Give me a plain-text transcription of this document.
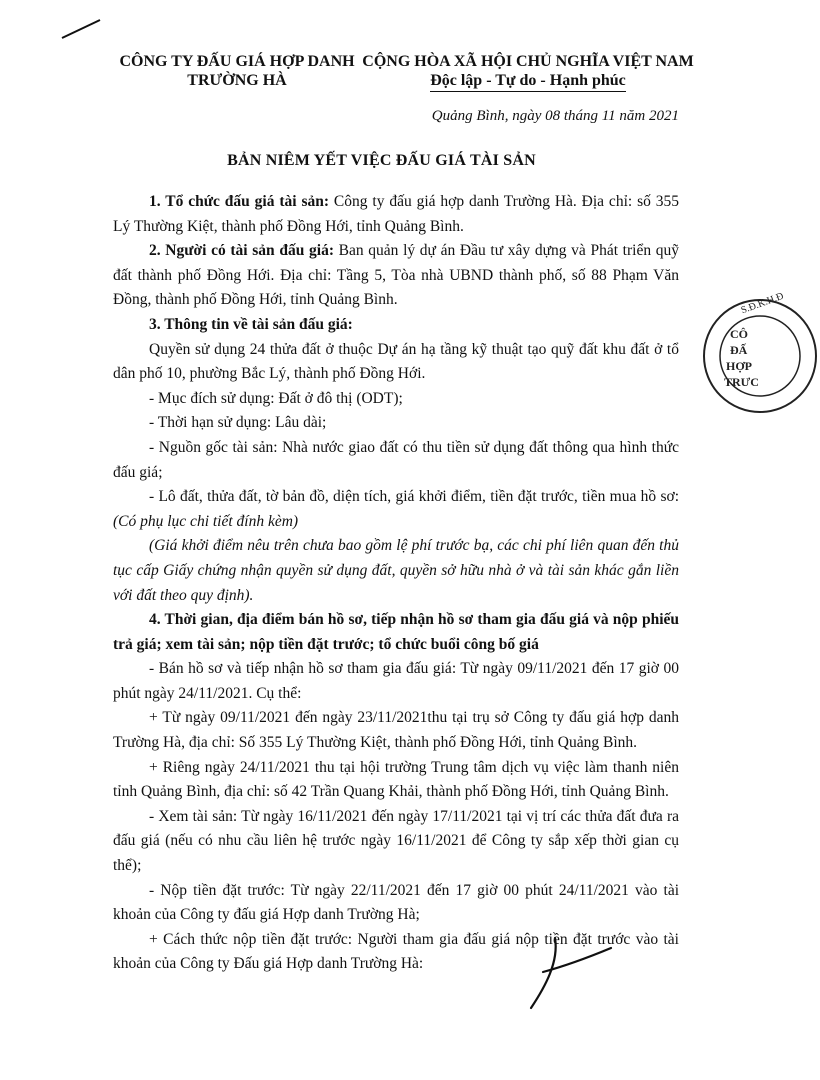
CÔNG TY ĐẤU GIÁ HỢP DANH
TRƯỜNG HÀ
CỘNG HÒA XÃ HỘI CHỦ NGHĨA VIỆT NAM
Độc lập - Tự do - Hạnh phúc
Quảng Bình, ngày 08 tháng 11 năm 2021
BẢN NIÊM YẾT VIỆC ĐẤU GIÁ TÀI SẢN

1. Tổ chức đấu giá tài sản: Công ty đấu giá hợp danh Trường Hà. Địa chỉ: số 355 Lý Thường Kiệt, thành phố Đồng Hới, tỉnh Quảng Bình.

2. Người có tài sản đấu giá: Ban quản lý dự án Đầu tư xây dựng và Phát triển quỹ đất thành phố Đồng Hới. Địa chỉ: Tầng 5, Tòa nhà UBND thành phố, số 88 Phạm Văn Đồng, thành phố Đồng Hới, tỉnh Quảng Bình.

3. Thông tin về tài sản đấu giá:

Quyền sử dụng 24 thửa đất ở thuộc Dự án hạ tầng kỹ thuật tạo quỹ đất khu đất ở tổ dân phố 10, phường Bắc Lý, thành phố Đồng Hới.

- Mục đích sử dụng: Đất ở đô thị (ODT);

- Thời hạn sử dụng: Lâu dài;

- Nguồn gốc tài sản: Nhà nước giao đất có thu tiền sử dụng đất thông qua hình thức đấu giá;

- Lô đất, thửa đất, tờ bản đồ, diện tích, giá khởi điểm, tiền đặt trước, tiền mua hồ sơ: (Có phụ lục chi tiết đính kèm)

(Giá khởi điểm nêu trên chưa bao gồm lệ phí trước bạ, các chi phí liên quan đến thủ tục cấp Giấy chứng nhận quyền sử dụng đất, quyền sở hữu nhà ở và tài sản khác gắn liền với đất theo quy định).

4. Thời gian, địa điểm bán hồ sơ, tiếp nhận hồ sơ tham gia đấu giá và nộp phiếu trả giá; xem tài sản; nộp tiền đặt trước; tổ chức buổi công bố giá

- Bán hồ sơ và tiếp nhận hồ sơ tham gia đấu giá: Từ ngày 09/11/2021 đến 17 giờ 00 phút ngày 24/11/2021. Cụ thể:

+ Từ ngày 09/11/2021 đến ngày 23/11/2021thu tại trụ sở Công ty đấu giá hợp danh Trường Hà, địa chỉ: Số 355 Lý Thường Kiệt, thành phố Đồng Hới, tỉnh Quảng Bình.

+ Riêng ngày 24/11/2021 thu tại hội trường Trung tâm dịch vụ việc làm thanh niên tỉnh Quảng Bình, địa chỉ: số 42 Trần Quang Khải, thành phố Đồng Hới, tỉnh Quảng Bình.

- Xem tài sản: Từ ngày 16/11/2021 đến ngày 17/11/2021 tại vị trí các thửa đất đưa ra đấu giá (nếu có nhu cầu liên hệ trước ngày 16/11/2021 để Công ty sắp xếp thời gian cụ thể);

- Nộp tiền đặt trước: Từ ngày 22/11/2021 đến 17 giờ 00 phút 24/11/2021 vào tài khoản của Công ty đấu giá Hợp danh Trường Hà;

+ Cách thức nộp tiền đặt trước: Người tham gia đấu giá nộp tiền đặt trước vào tài khoản của Công ty Đấu giá Hợp danh Trường Hà:

S.Đ.K.H.Đ
CÔ
ĐẤ
HỢP
TRƯC
